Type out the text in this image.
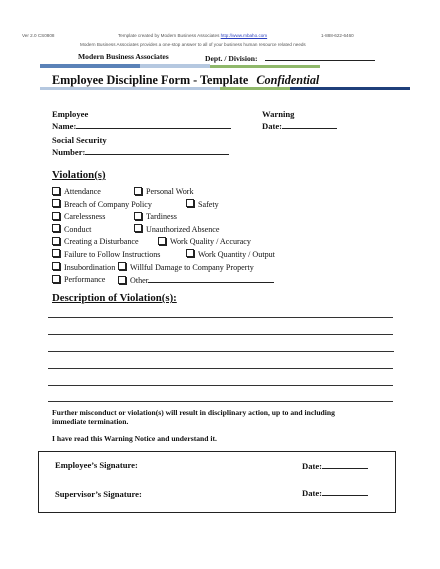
Ver 2.0 CS0808	Template created by Modern Business Associates http://www.mbaho.com	1-888-622-6460
Modern Business Associates provides a one-stop answer to all of your business human resource related needs
Modern Business Associates	Dept. / Division:
Employee Discipline Form - Template Confidential
Employee
Name:
Warning
Date:
Social Security
Number:
Violation(s)
Attendance
Breach of Company Policy
Carelessness
Conduct
Creating a Disturbance
Failure to Follow Instructions
Insubordination
Performance
Personal Work
Safety
Tardiness
Unauthorized Absence
Work Quality / Accuracy
Work Quantity / Output
Willful Damage to Company Property
Other
Description of Violation(s):
Further misconduct or violation(s) will result in disciplinary action, up to and including
immediate termination.
I have read this Warning Notice and understand it.
Employee’s Signature:	Date:
Supervisor’s Signature:	Date:
